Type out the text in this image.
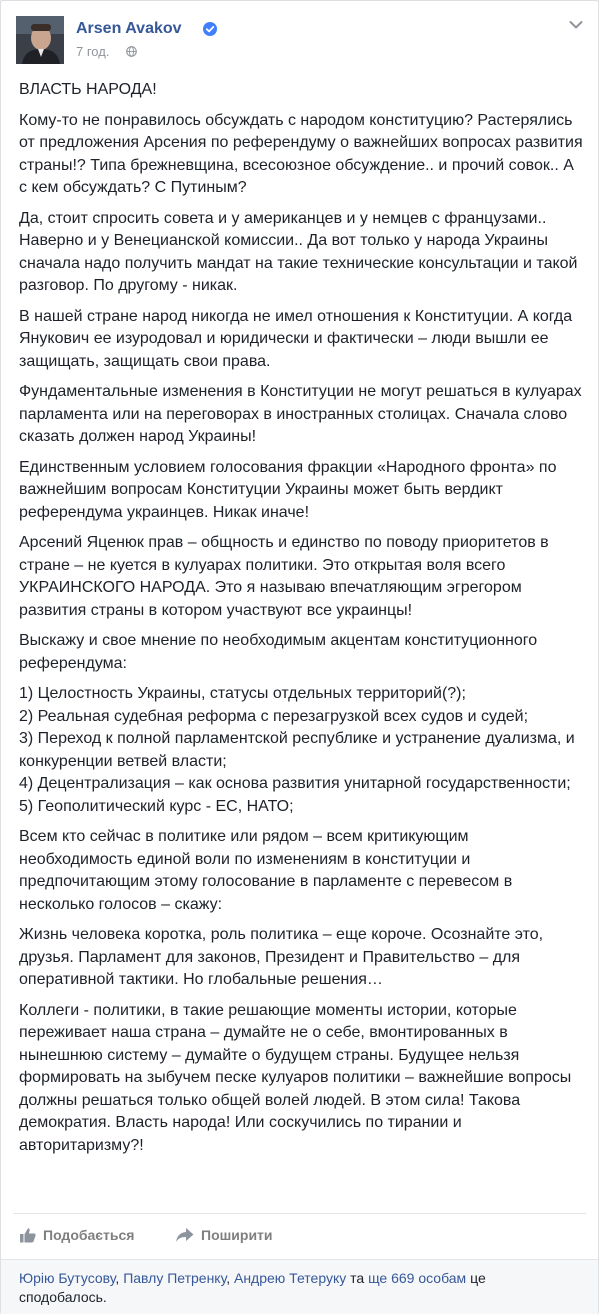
Arsen Avakov
7 год.

ВЛАСТЬ НАРОДА!

Кому-то не понравилось обсуждать с народом конституцию? Растерялись от предложения Арсения по референдуму о важнейших вопросах развития страны!? Типа брежневщина, всесоюзное обсуждение.. и прочий совок.. А с кем обсуждать? С Путиным?

Да, стоит спросить совета и у американцев и у немцев с французами.. Наверно и у Венецианской комиссии.. Да вот только у народа Украины сначала надо получить мандат на такие технические консультации и такой разговор. По другому - никак.

В нашей стране народ никогда не имел отношения к Конституции. А когда Янукович ее изуродовал и юридически и фактически – люди вышли ее защищать, защищать свои права.

Фундаментальные изменения в Конституции не могут решаться в кулуарах парламента или на переговорах в иностранных столицах. Сначала слово сказать должен народ Украины!

Единственным условием голосования фракции «Народного фронта» по важнейшим вопросам Конституции Украины может быть вердикт референдума украинцев. Никак иначе!

Арсений Яценюк прав – общность и единство по поводу приоритетов в стране – не куется в кулуарах политики. Это открытая воля всего УКРАИНСКОГО НАРОДА. Это я называю впечатляющим эгрегором развития страны в котором участвуют все украинцы!

Выскажу и свое мнение по необходимым акцентам конституционного референдума:

1) Целостность Украины, статусы отдельных территорий(?);

2) Реальная судебная реформа с перезагрузкой всех судов и судей;

3) Переход к полной парламентской республике и устранение дуализма, и конкуренции ветвей власти;

4) Децентрализация – как основа развития унитарной государственности;

5) Геополитический курс - ЕС, НАТО;

Всем кто сейчас в политике или рядом – всем критикующим необходимость единой воли по изменениям в конституции и предпочитающим этому голосование в парламенте с перевесом в несколько голосов – скажу:

Жизнь человека коротка, роль политика – еще короче. Осознайте это, друзья. Парламент для законов, Президент и Правительство – для оперативной тактики. Но глобальные решения…

Коллеги - политики, в такие решающие моменты истории, которые переживает наша страна – думайте не о себе, вмонтированных в нынешнюю систему – думайте о будущем страны. Будущее нельзя формировать на зыбучем песке кулуаров политики – важнейшие вопросы должны решаться только общей волей людей. В этом сила! Такова демократия. Власть народа! Или соскучились по тирании и авторитаризму?!

Подобається	Поширити
Юрію Бутусову, Павлу Петренку, Андрею Тетеруку та ще 669 особам це сподобалось.
